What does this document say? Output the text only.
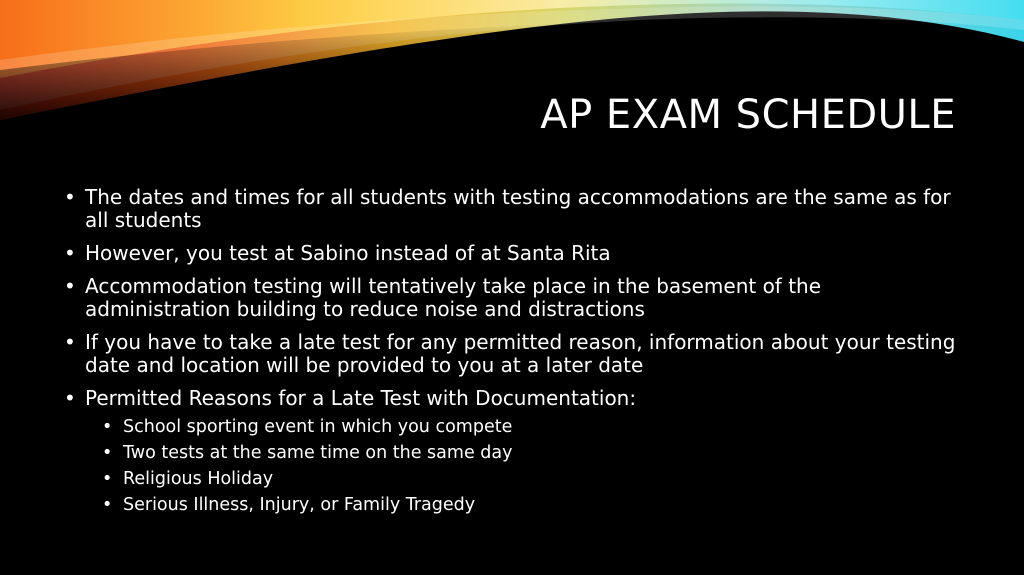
AP EXAM SCHEDULE
• The dates and times for all students with testing accommodations are the same as for all students
• However, you test at Sabino instead of at Santa Rita
• Accommodation testing will tentatively take place in the basement of the administration building to reduce noise and distractions
• If you have to take a late test for any permitted reason, information about your testing date and location will be provided to you at a later date
• Permitted Reasons for a Late Test with Documentation:
• School sporting event in which you compete
• Two tests at the same time on the same day
• Religious Holiday
• Serious Illness, Injury, or Family Tragedy
